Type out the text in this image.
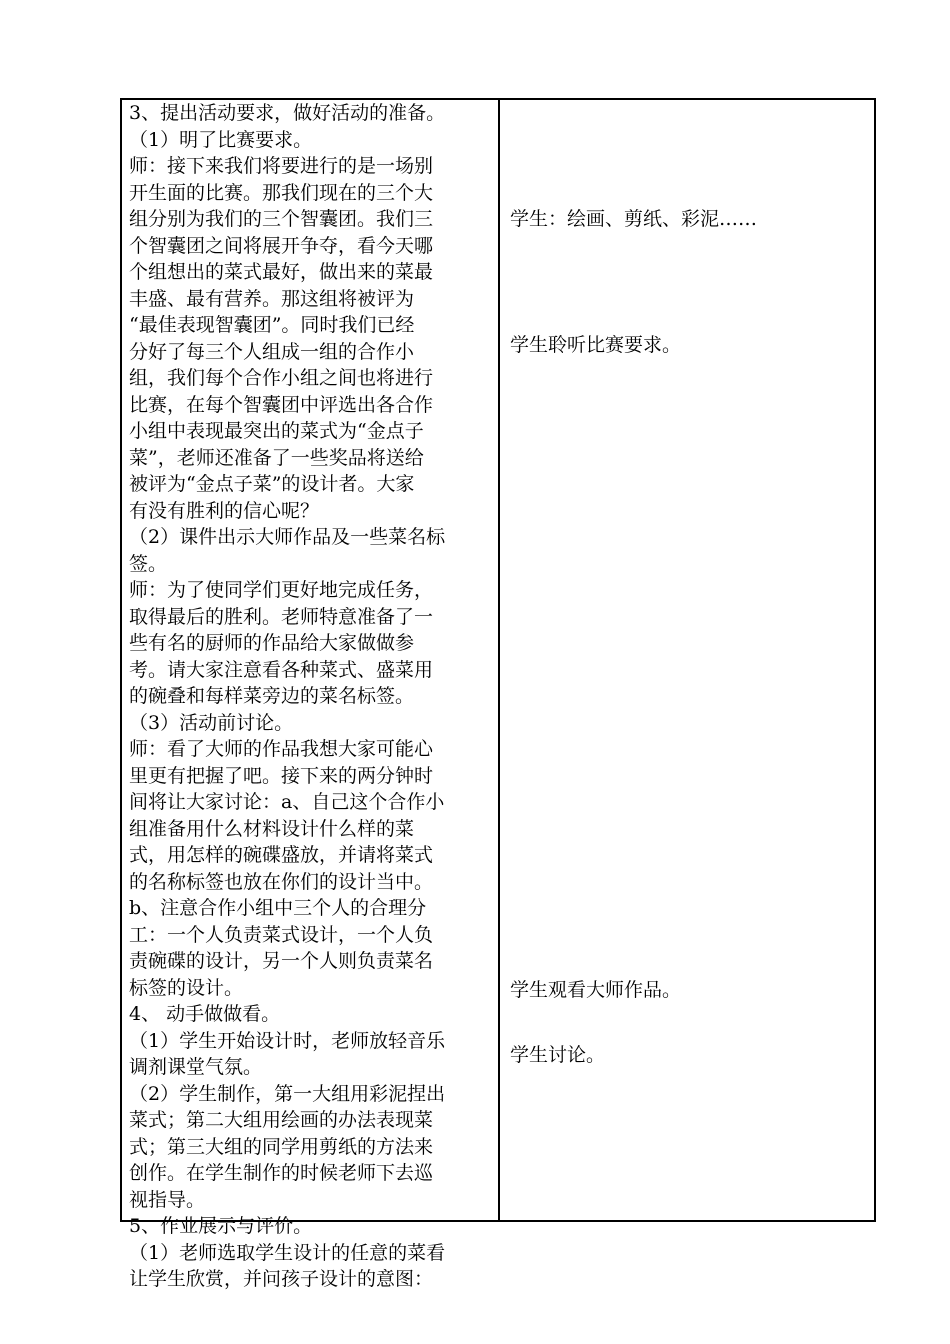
3、提出活动要求，做好活动的准备。

（1）明了比赛要求。

师：接下来我们将要进行的是一场别

开生面的比赛。那我们现在的三个大

组分别为我们的三个智囊团。我们三

个智囊团之间将展开争夺，看今天哪

个组想出的菜式最好，做出来的菜最

丰盛、最有营养。那这组将被评为

“最佳表现智囊团”。同时我们已经

分好了每三个人组成一组的合作小

组，我们每个合作小组之间也将进行

比赛，在每个智囊团中评选出各合作

小组中表现最突出的菜式为“金点子

菜”，老师还准备了一些奖品将送给

被评为“金点子菜”的设计者。大家

有没有胜利的信心呢？

（2）课件出示大师作品及一些菜名标

签。

师：为了使同学们更好地完成任务，

取得最后的胜利。老师特意准备了一

些有名的厨师的作品给大家做做参

考。请大家注意看各种菜式、盛菜用

的碗叠和每样菜旁边的菜名标签。

（3）活动前讨论。

师：看了大师的作品我想大家可能心

里更有把握了吧。接下来的两分钟时

间将让大家讨论：a、自己这个合作小

组准备用什么材料设计什么样的菜

式，用怎样的碗碟盛放，并请将菜式

的名称标签也放在你们的设计当中。

b、注意合作小组中三个人的合理分

工：一个人负责菜式设计，一个人负

责碗碟的设计，另一个人则负责菜名

标签的设计。

4、 动手做做看。

（1）学生开始设计时，老师放轻音乐

调剂课堂气氛。

（2）学生制作，第一大组用彩泥捏出

菜式；第二大组用绘画的办法表现菜

式；第三大组的同学用剪纸的方法来

创作。在学生制作的时候老师下去巡

视指导。

5、作业展示与评价。

（1）老师选取学生设计的任意的菜看

让学生欣赏，并问孩子设计的意图：

学生：绘画、剪纸、彩泥……

学生聆听比赛要求。

学生观看大师作品。

学生讨论。
